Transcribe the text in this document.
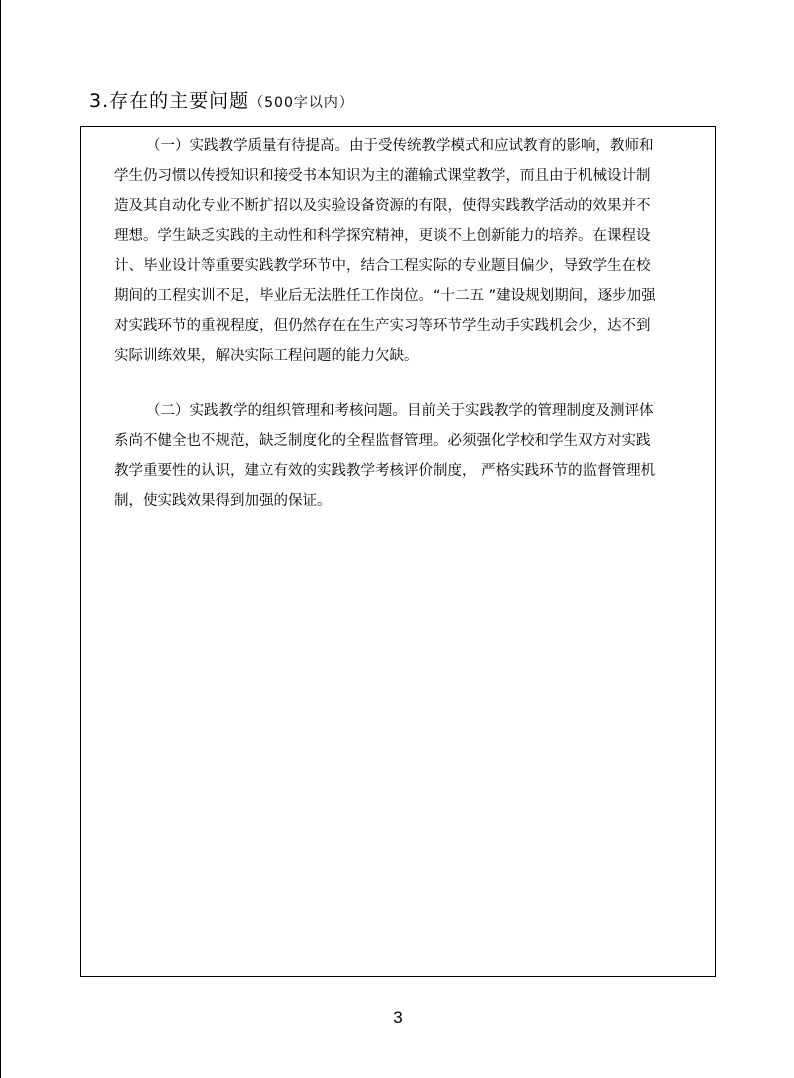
3.存在的主要问题（500字以内）
（一）实践教学质量有待提高。由于受传统教学模式和应试教育的影响，教师和
学生仍习惯以传授知识和接受书本知识为主的灌输式课堂教学，而且由于机械设计制
造及其自动化专业不断扩招以及实验设备资源的有限，使得实践教学活动的效果并不
理想。学生缺乏实践的主动性和科学探究精神，更谈不上创新能力的培养。在课程设
计、毕业设计等重要实践教学环节中，结合工程实际的专业题目偏少，导致学生在校
期间的工程实训不足，毕业后无法胜任工作岗位。“十二五 ”建设规划期间，逐步加强
对实践环节的重视程度，但仍然存在在生产实习等环节学生动手实践机会少，达不到
实际训练效果，解决实际工程问题的能力欠缺。
（二）实践教学的组织管理和考核问题。目前关于实践教学的管理制度及测评体
系尚不健全也不规范，缺乏制度化的全程监督管理。必须强化学校和学生双方对实践
教学重要性的认识，建立有效的实践教学考核评价制度， 严格实践环节的监督管理机
制，使实践效果得到加强的保证。
3
